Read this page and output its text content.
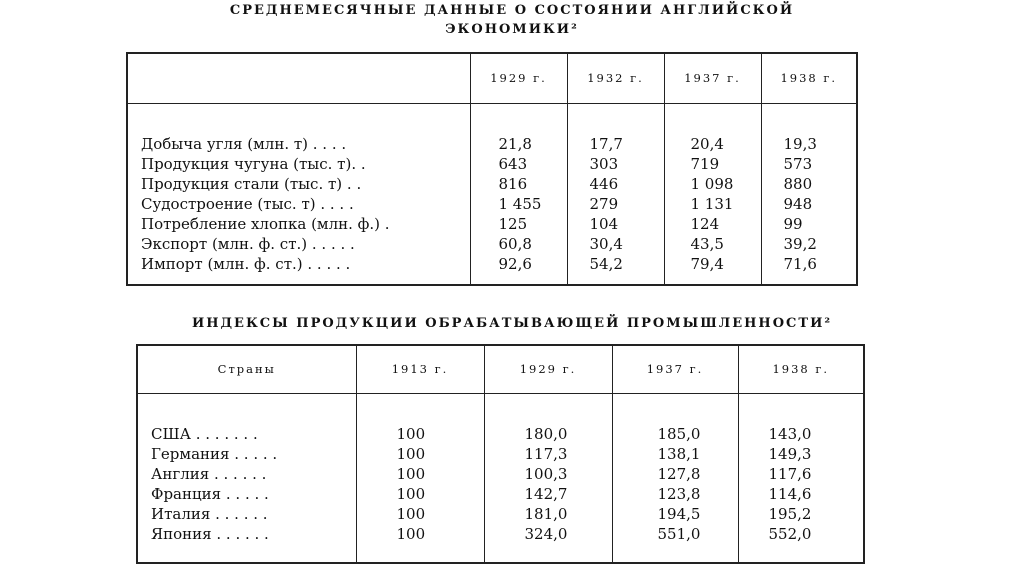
СРЕДНЕМЕСЯЧНЫЕ ДАННЫЕ О СОСТОЯНИИ АНГЛИЙСКОЙ
ЭКОНОМИКИ²
	1929 г.	1932 г.	1937 г.	1938 г.

Добыча угля (млн. т) . . . .	21,8	17,7	20,4	19,3
Продукция чугуна (тыс. т). .	643	303	719	573
Продукция стали (тыс. т) . .	816	446	1 098	880
Судостроение (тыс. т) . . . .	1 455	279	1 131	948
Потребление хлопка (млн. ф.) .	125	104	124	99
Экспорт (млн. ф. ст.) . . . . .	60,8	30,4	43,5	39,2
Импорт (млн. ф. ст.) . . . . .	92,6	54,2	79,4	71,6
ИНДЕКСЫ ПРОДУКЦИИ ОБРАБАТЫВАЮЩЕЙ ПРОМЫШЛЕННОСТИ²
Страны	1913 г.	1929 г.	1937 г.	1938 г.

США . . . . . . .	100	180,0	185,0	143,0
Германия . . . . .	100	117,3	138,1	149,3
Англия . . . . . .	100	100,3	127,8	117,6
Франция . . . . .	100	142,7	123,8	114,6
Италия . . . . . .	100	181,0	194,5	195,2
Япония . . . . . .	100	324,0	551,0	552,0
